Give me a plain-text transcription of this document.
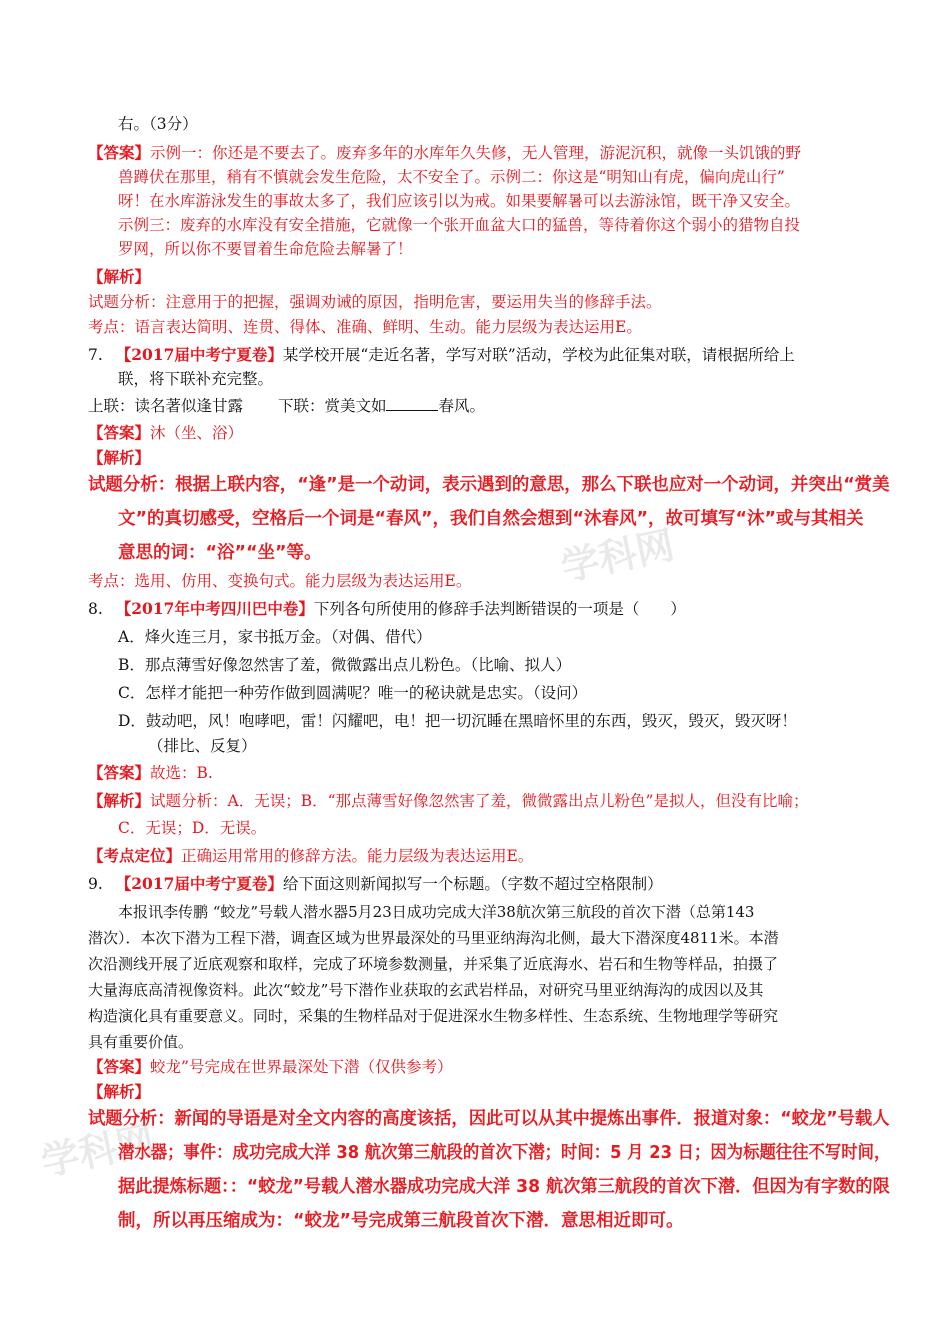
学科网
学科网
右。（3分）
【答案】示例一：你还是不要去了。废弃多年的水库年久失修，无人管理，游泥沉积，就像一头饥饿的野
兽蹲伏在那里，稍有不慎就会发生危险，太不安全了。示例二：你这是“明知山有虎，偏向虎山行”
呀！在水库游泳发生的事故太多了，我们应该引以为戒。如果要解暑可以去游泳馆，既干净又安全。
示例三：废弃的水库没有安全措施，它就像一个张开血盆大口的猛兽，等待着你这个弱小的猎物自投
罗网，所以你不要冒着生命危险去解暑了！
【解析】
试题分析：注意用于的把握，强调劝诫的原因，指明危害，要运用失当的修辞手法。
考点：语言表达简明、连贯、得体、准确、鲜明、生动。能力层级为表达运用E。
7. 【2017届中考宁夏卷】某学校开展“走近名著，学写对联”活动，学校为此征集对联，请根据所给上
联，将下联补充完整。
上联：读名著似逢甘露 下联：赏美文如	春风。
【答案】沐（坐、浴）
【解析】
试题分析：根据上联内容，“逢”是一个动词，表示遇到的意思，那么下联也应对一个动词，并突出“赏美
文”的真切感受，空格后一个词是“春风”，我们自然会想到“沐春风”，故可填写“沐”或与其相关
意思的词：“浴”“坐”等。
考点：选用、仿用、变换句式。能力层级为表达运用E。
8. 【2017年中考四川巴中卷】下列各句所使用的修辞手法判断错误的一项是（　　）
A．烽火连三月，家书抵万金。（对偶、借代）
B．那点薄雪好像忽然害了羞，微微露出点儿粉色。（比喻、拟人）
C．怎样才能把一种劳作做到圆满呢？唯一的秘诀就是忠实。（设问）
D．鼓动吧，风！咆哮吧，雷！闪耀吧，电！把一切沉睡在黑暗怀里的东西，毁灭，毁灭，毁灭呀！
（排比、反复）
【答案】故选：B.
【解析】试题分析：A．无误；B．“那点薄雪好像忽然害了羞，微微露出点儿粉色”是拟人，但没有比喻；
C．无误；D．无误。
【考点定位】正确运用常用的修辞方法。能力层级为表达运用E。
9. 【2017届中考宁夏卷】给下面这则新闻拟写一个标题。（字数不超过空格限制）
本报讯李传鹏 “蛟龙”号载人潜水器5月23日成功完成大洋38航次第三航段的首次下潜（总第143
潜次）．本次下潜为工程下潜，调查区域为世界最深处的马里亚纳海沟北侧，最大下潜深度4811米。本潜
次沿测线开展了近底观察和取样，完成了环境参数测量，并采集了近底海水、岩石和生物等样品，拍摄了
大量海底高清视像资料。此次“蛟龙”号下潜作业获取的玄武岩样品，对研究马里亚纳海沟的成因以及其
构造演化具有重要意义。同时，采集的生物样品对于促进深水生物多样性、生态系统、生物地理学等研究
具有重要价值。
【答案】蛟龙”号完成在世界最深处下潜（仅供参考）
【解析】
试题分析：新闻的导语是对全文内容的高度该括，因此可以从其中提炼出事件．报道对象：“蛟龙”号载人
潜水器；事件：成功完成大洋 38 航次第三航段的首次下潜；时间：5 月 23 日；因为标题往往不写时间，
据此提炼标题：：“蛟龙”号载人潜水器成功完成大洋 38 航次第三航段的首次下潜．但因为有字数的限
制，所以再压缩成为：“蛟龙”号完成第三航段首次下潜．意思相近即可。
